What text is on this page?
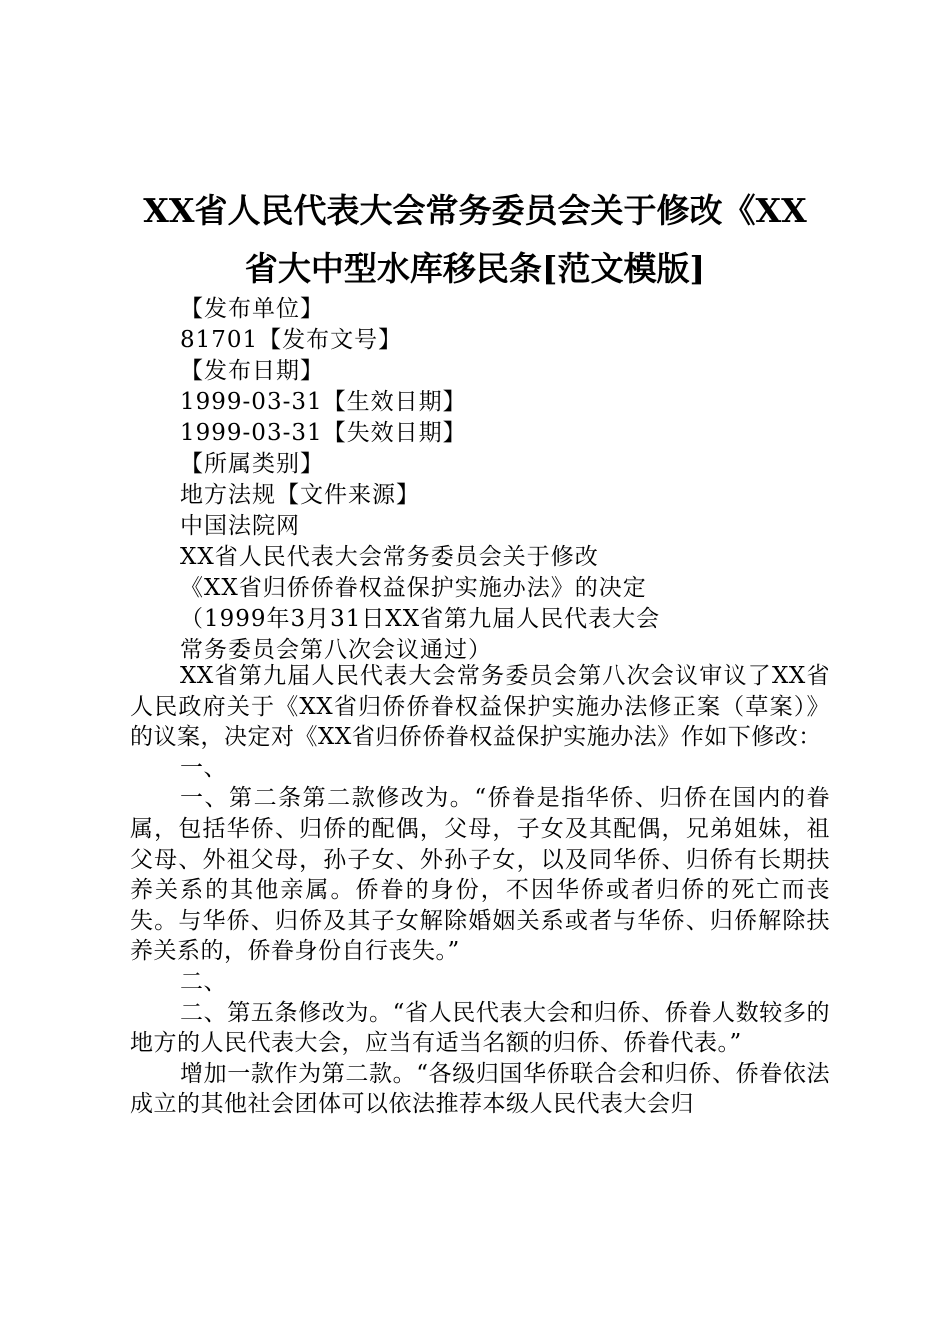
XX省人民代表大会常务委员会关于修改《XX
省大中型水库移民条[范文模版]
【发布单位】
81701【发布文号】
【发布日期】
1999-03-31【生效日期】
1999-03-31【失效日期】
【所属类别】
地方法规【文件来源】
中国法院网
XX省人民代表大会常务委员会关于修改
《XX省归侨侨眷权益保护实施办法》的决定
（1999年3月31日XX省第九届人民代表大会
常务委员会第八次会议通过）

XX省第九届人民代表大会常务委员会第八次会议审议了XX省人民政府关于《XX省归侨侨眷权益保护实施办法修正案（草案）》的议案，决定对《XX省归侨侨眷权益保护实施办法》作如下修改：

一、

一、第二条第二款修改为。“侨眷是指华侨、归侨在国内的眷属，包括华侨、归侨的配偶，父母，子女及其配偶，兄弟姐妹，祖父母、外祖父母，孙子女、外孙子女，以及同华侨、归侨有长期扶养关系的其他亲属。侨眷的身份，不因华侨或者归侨的死亡而丧失。与华侨、归侨及其子女解除婚姻关系或者与华侨、归侨解除扶养关系的，侨眷身份自行丧失。”

二、

二、第五条修改为。“省人民代表大会和归侨、侨眷人数较多的地方的人民代表大会，应当有适当名额的归侨、侨眷代表。”

增加一款作为第二款。“各级归国华侨联合会和归侨、侨眷依法成立的其他社会团体可以依法推荐本级人民代表大会归
